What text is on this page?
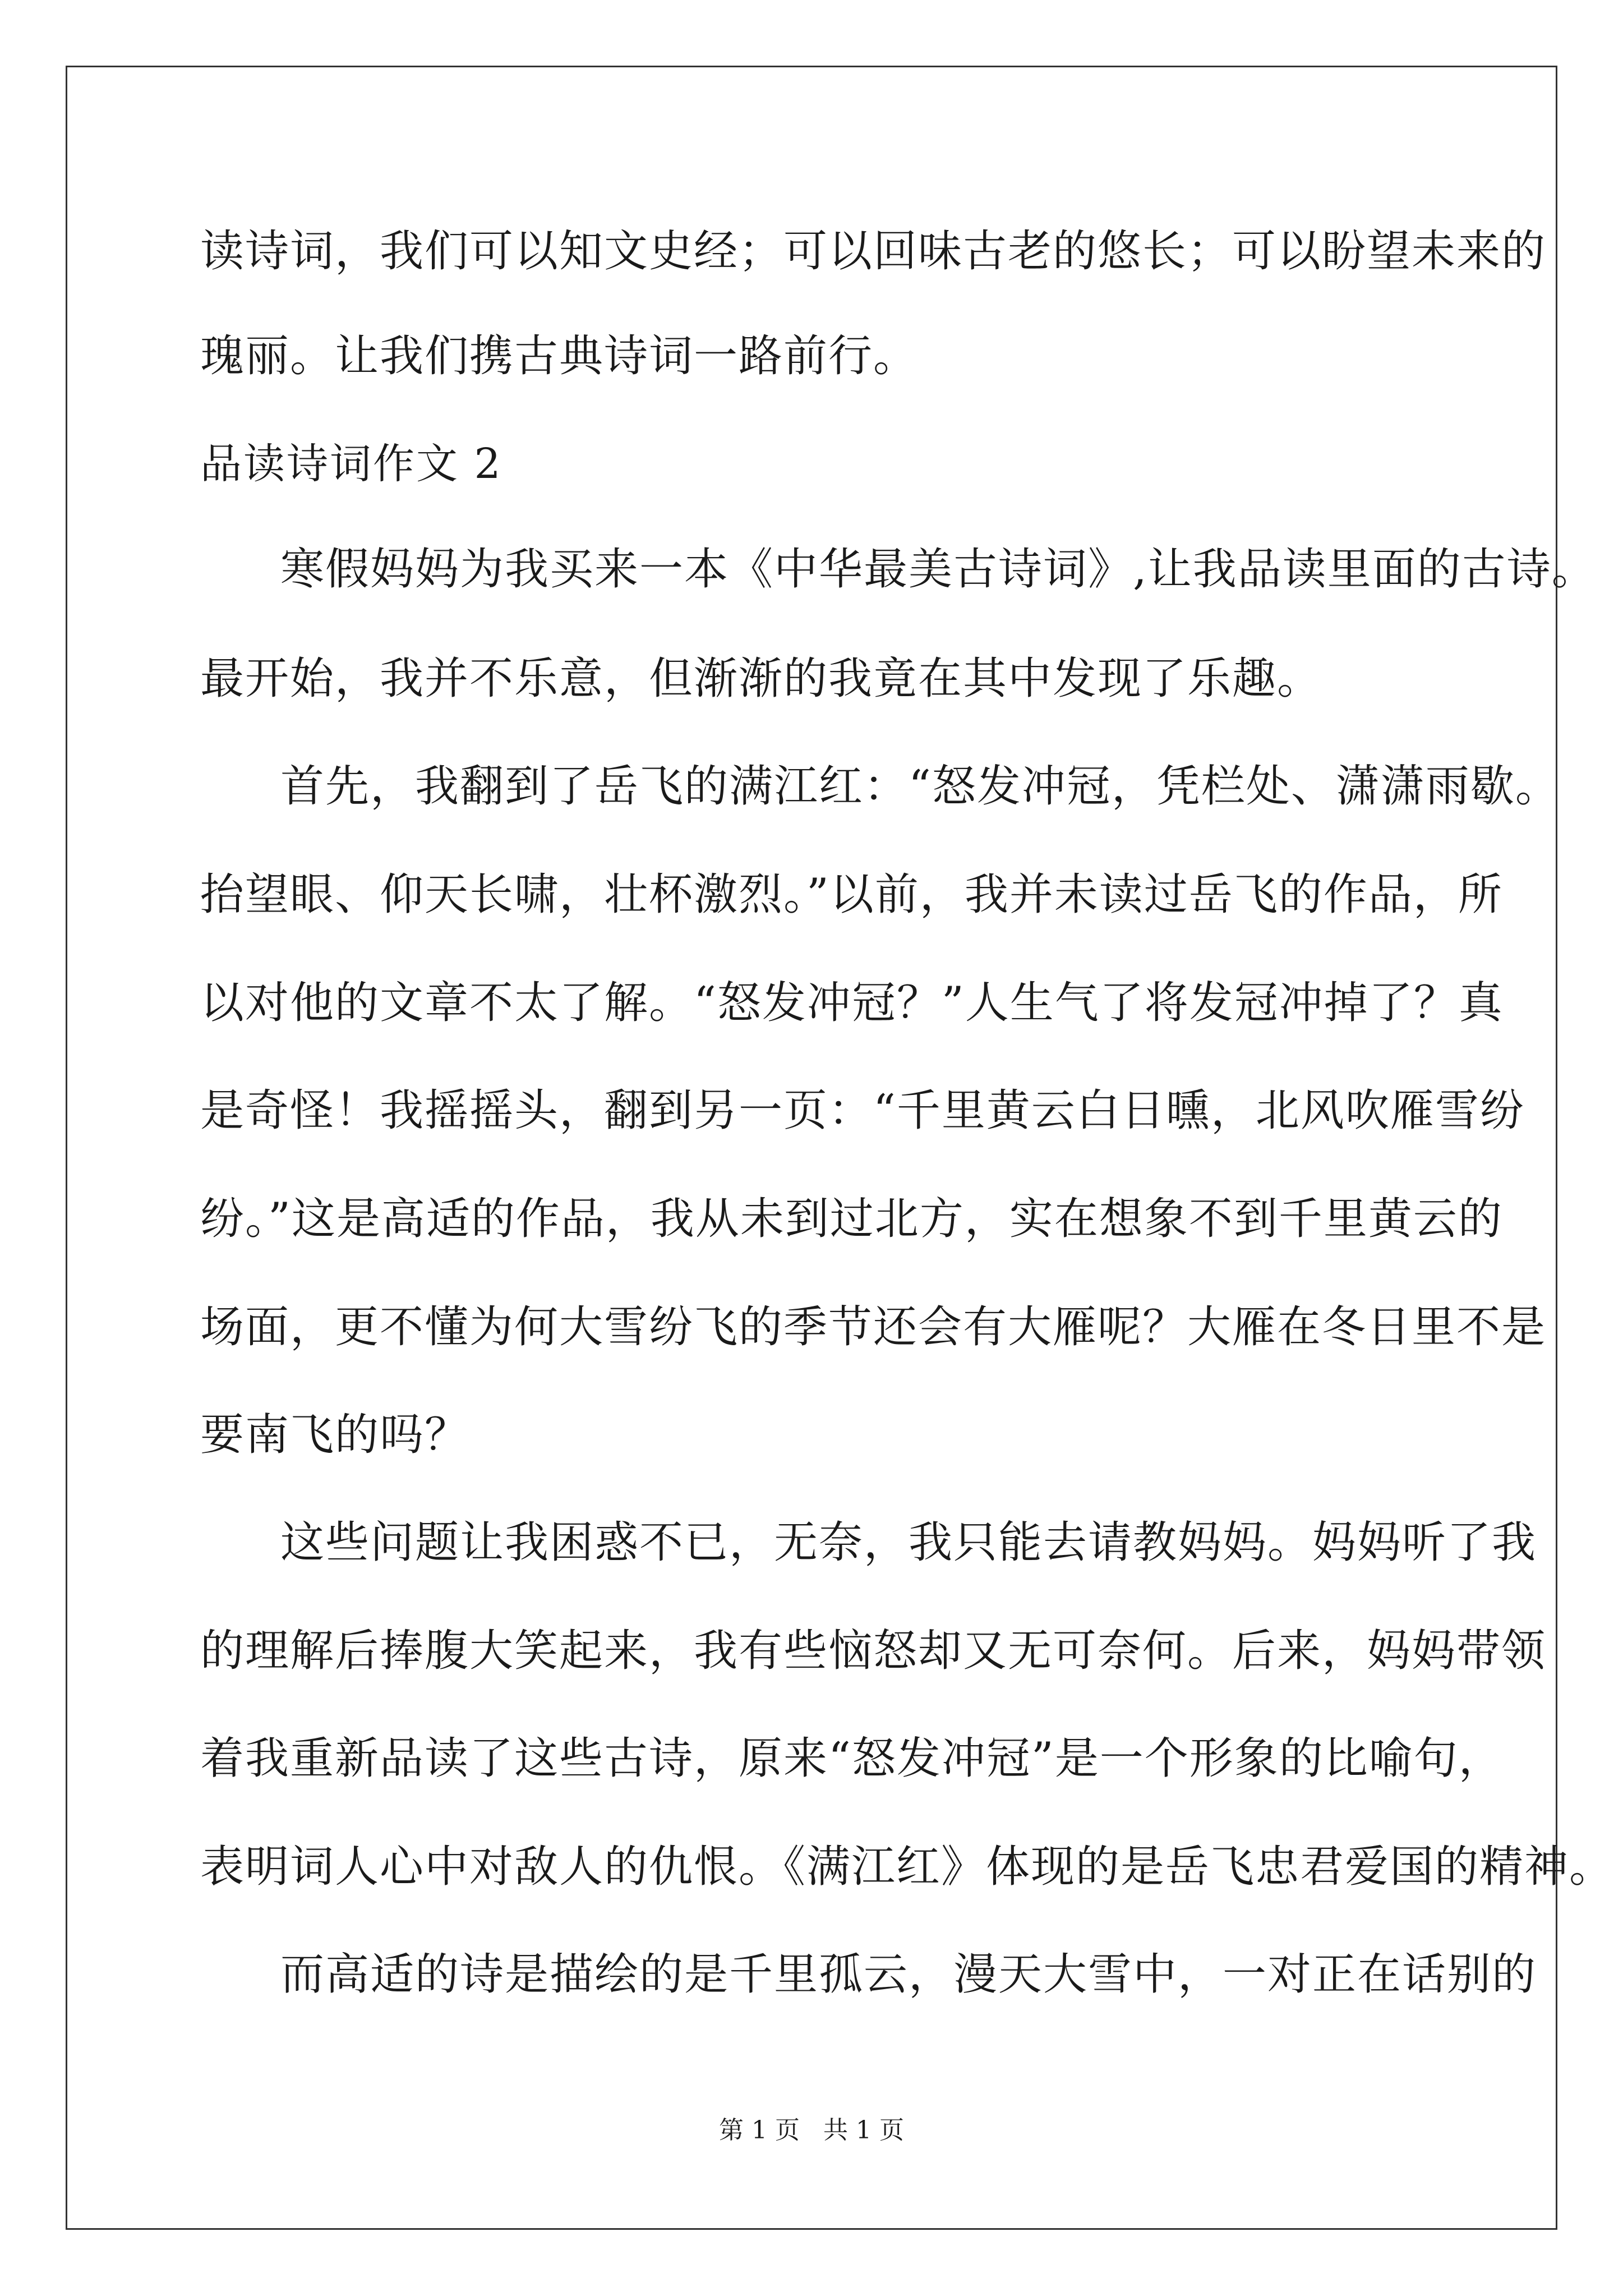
读诗词，我们可以知文史经；可以回味古老的悠长；可以盼望未来的
瑰丽。让我们携古典诗词一路前行。
品读诗词作文 2
寒假妈妈为我买来一本《中华最美古诗词》,让我品读里面的古诗。
最开始，我并不乐意，但渐渐的我竟在其中发现了乐趣。
首先，我翻到了岳飞的满江红：“怒发冲冠，凭栏处、潇潇雨歇。
抬望眼、仰天长啸，壮杯激烈。”以前，我并未读过岳飞的作品，所
以对他的文章不太了解。“怒发冲冠？”人生气了将发冠冲掉了？真
是奇怪！我摇摇头，翻到另一页：“千里黄云白日曛，北风吹雁雪纷
纷。”这是高适的作品，我从未到过北方，实在想象不到千里黄云的
场面，更不懂为何大雪纷飞的季节还会有大雁呢？大雁在冬日里不是
要南飞的吗？
这些问题让我困惑不已，无奈，我只能去请教妈妈。妈妈听了我
的理解后捧腹大笑起来，我有些恼怒却又无可奈何。后来，妈妈带领
着我重新品读了这些古诗，原来“怒发冲冠”是一个形象的比喻句，
表明词人心中对敌人的仇恨。《满江红》体现的是岳飞忠君爱国的精神。
而高适的诗是描绘的是千里孤云，漫天大雪中，一对正在话别的
第 1 页   共 1 页
